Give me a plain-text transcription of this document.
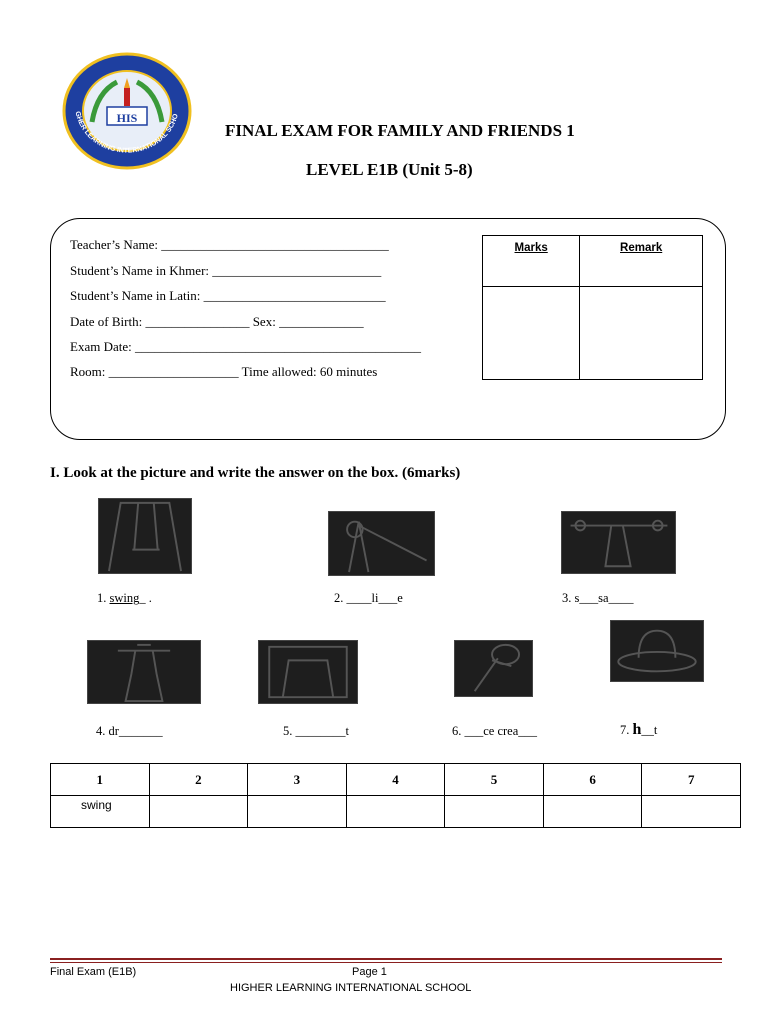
HIS
GHER LEARNING INTERNATIONAL SCHO
FINAL EXAM FOR FAMILY AND FRIENDS 1
LEVEL E1B (Unit 5-8)
Teacher’s Name: ___________________________________
Student’s Name in Khmer: __________________________
Student’s Name in Latin: ____________________________
Date of Birth: ________________ Sex: _____________
Exam Date: ____________________________________________
Room: ____________________ Time allowed: 60 minutes
Marks	Remark

I. Look at the picture and write the answer on the box. (6marks)
1. swing_ .	2. ____li___e	3. s___sa____
4. dr_______	5. ________t	6. ___ce crea___	7. h__t
1	2	3	4	5	6	7
swing						
Final Exam (E1B)	Page 1
HIGHER LEARNING INTERNATIONAL SCHOOL
